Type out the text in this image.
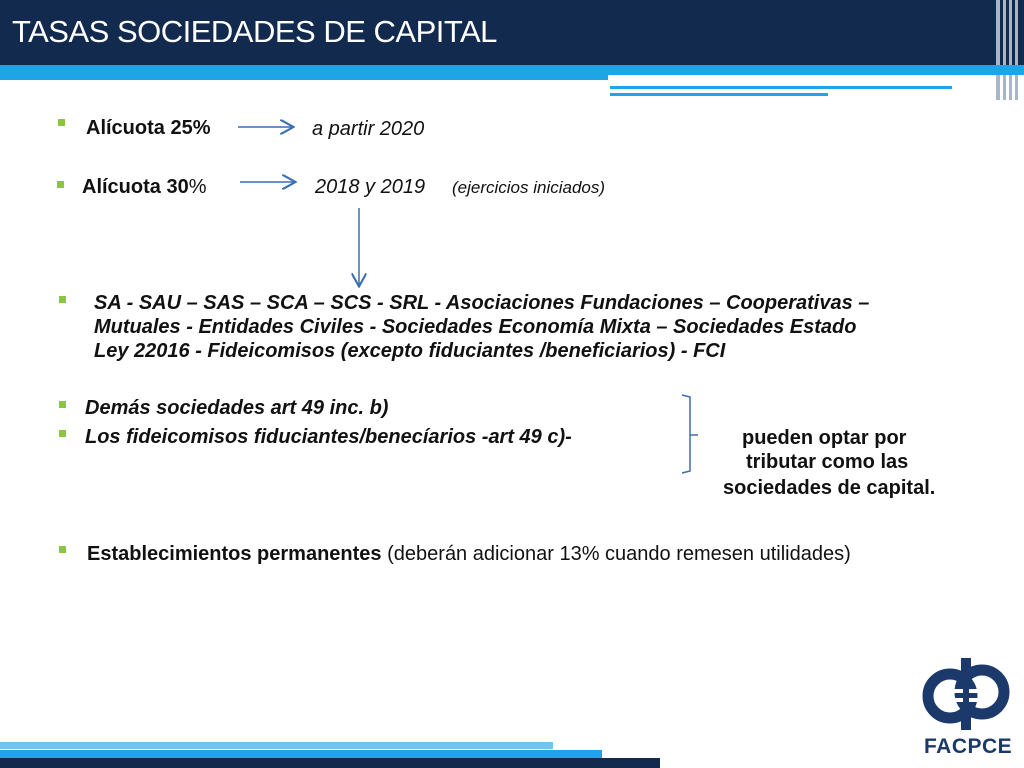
TASAS SOCIEDADES DE CAPITAL
Alícuota 25%	a partir 2020
Alícuota 30%	2018 y 2019 (ejercicios iniciados)
SA - SAU – SAS – SCA – SCS - SRL - Asociaciones Fundaciones – Cooperativas –
Mutuales - Entidades Civiles - Sociedades Economía Mixta – Sociedades Estado
Ley 22016 - Fideicomisos (excepto fiduciantes /beneficiarios) - FCI
Demás sociedades art 49 inc. b)
Los fideicomisos fiduciantes/benecíarios -art 49 c)-	pueden optar por
tributar como las
sociedades de capital.
Establecimientos permanentes (deberán adicionar 13% cuando remesen utilidades)
FACPCE
